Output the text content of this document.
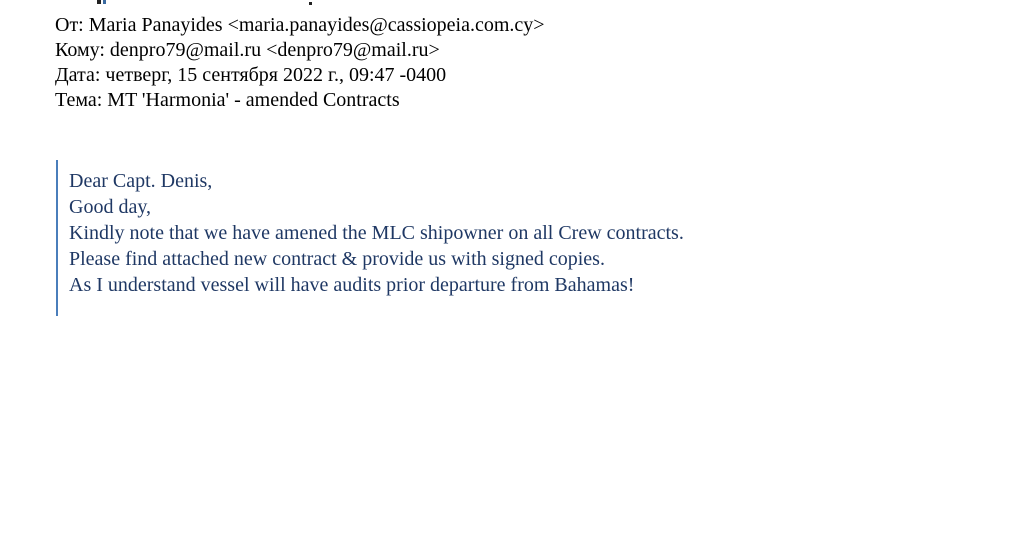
От: Maria Panayides <maria.panayides@cassiopeia.com.cy>
Кому: denpro79@mail.ru <denpro79@mail.ru>
Дата: четверг, 15 сентября 2022 г., 09:47 -0400
Тема: MT 'Harmonia' - amended Contracts

Dear Capt. Denis,

Good day,

Kindly note that we have amened the MLC shipowner on all Crew contracts.

Please find attached new contract & provide us with signed copies.

As I understand vessel will have audits prior departure from Bahamas!
